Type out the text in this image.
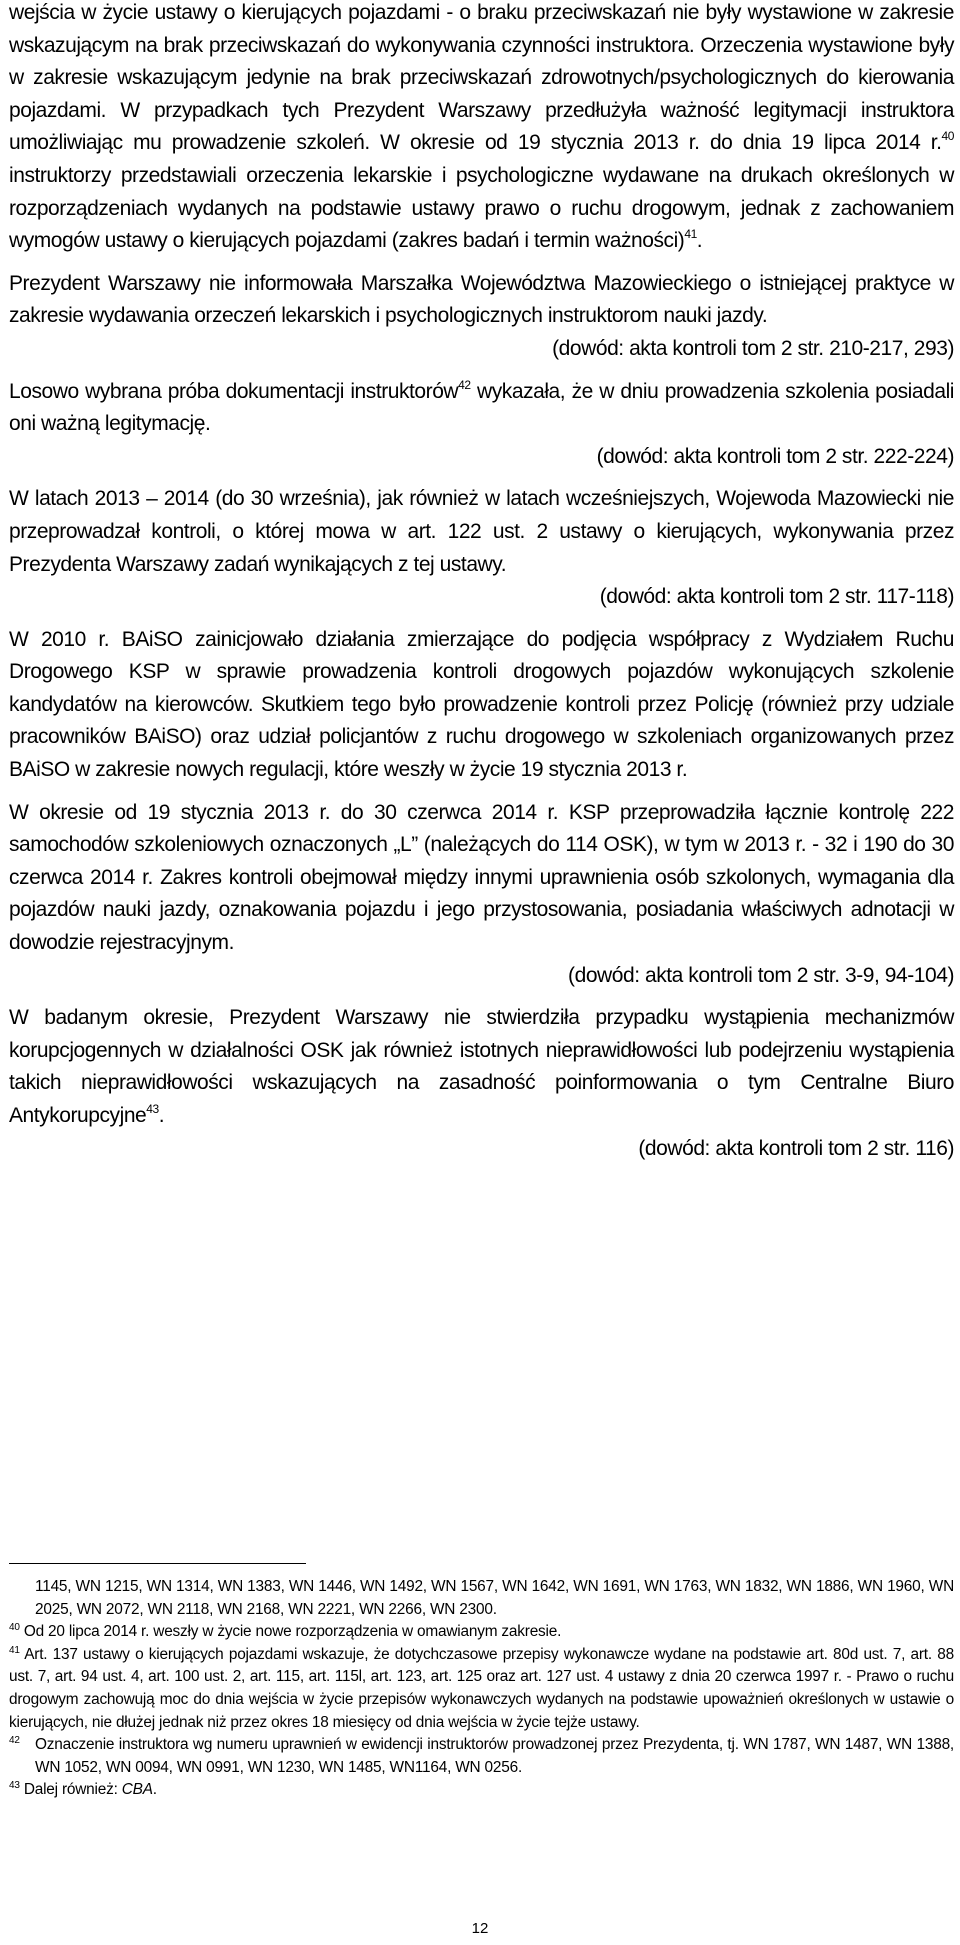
wejścia w życie ustawy o kierujących pojazdami - o braku przeciwskazań nie były wystawione w zakresie wskazującym na brak przeciwskazań do wykonywania czynności instruktora. Orzeczenia wystawione były w zakresie wskazującym jedynie na brak przeciwskazań zdrowotnych/psychologicznych do kierowania pojazdami. W przypadkach tych Prezydent Warszawy przedłużyła ważność legitymacji instruktora umożliwiając mu prowadzenie szkoleń. W okresie od 19 stycznia 2013 r. do dnia 19 lipca 2014 r.$^{40}$ instruktorzy przedstawiali orzeczenia lekarskie i psychologiczne wydawane na drukach określonych w rozporządzeniach wydanych na podstawie ustawy prawo o ruchu drogowym, jednak z zachowaniem wymogów ustawy o kierujących pojazdami (zakres badań i termin ważności)$^{41}$.

Prezydent Warszawy nie informowała Marszałka Województwa Mazowieckiego o istniejącej praktyce w zakresie wydawania orzeczeń lekarskich i psychologicznych instruktorom nauki jazdy.

(dowód: akta kontroli tom 2 str. 210-217, 293)

Losowo wybrana próba dokumentacji instruktorów$^{42}$ wykazała, że w dniu prowadzenia szkolenia posiadali oni ważną legitymację.

(dowód: akta kontroli tom 2 str. 222-224)

W latach 2013 – 2014 (do 30 września), jak również w latach wcześniejszych, Wojewoda Mazowiecki nie przeprowadzał kontroli, o której mowa w art. 122 ust. 2 ustawy o kierujących, wykonywania przez Prezydenta Warszawy zadań wynikających z tej ustawy.

(dowód: akta kontroli tom 2 str. 117-118)

W 2010 r. BAiSO zainicjowało działania zmierzające do podjęcia współpracy z Wydziałem Ruchu Drogowego KSP w sprawie prowadzenia kontroli drogowych pojazdów wykonujących szkolenie kandydatów na kierowców. Skutkiem tego było prowadzenie kontroli przez Policję (również przy udziale pracowników BAiSO) oraz udział policjantów z ruchu drogowego w szkoleniach organizowanych przez BAiSO w zakresie nowych regulacji, które weszły w życie 19 stycznia 2013 r.

W okresie od 19 stycznia 2013 r. do 30 czerwca 2014 r. KSP przeprowadziła łącznie kontrolę 222 samochodów szkoleniowych oznaczonych „L” (należących do 114 OSK), w tym w 2013 r. - 32 i 190 do 30 czerwca 2014 r. Zakres kontroli obejmował między innymi uprawnienia osób szkolonych, wymagania dla pojazdów nauki jazdy, oznakowania pojazdu i jego przystosowania, posiadania właściwych adnotacji w dowodzie rejestracyjnym.

(dowód: akta kontroli tom 2 str. 3-9, 94-104)

W badanym okresie, Prezydent Warszawy nie stwierdziła przypadku wystąpienia mechanizmów korupcjogennych w działalności OSK jak również istotnych nieprawidłowości lub podejrzeniu wystąpienia takich nieprawidłowości wskazujących na zasadność poinformowania o tym Centralne Biuro Antykorupcyjne$^{43}$.

(dowód: akta kontroli tom 2 str. 116)

1145, WN 1215, WN 1314, WN 1383, WN 1446, WN 1492, WN 1567, WN 1642, WN 1691, WN 1763, WN 1832, WN 1886, WN 1960, WN 2025, WN 2072, WN 2118, WN 2168, WN 2221, WN 2266, WN 2300.

$^{40}$ Od 20 lipca 2014 r. weszły w życie nowe rozporządzenia w omawianym zakresie.

$^{41}$ Art. 137 ustawy o kierujących pojazdami wskazuje, że dotychczasowe przepisy wykonawcze wydane na podstawie art. 80d ust. 7, art. 88 ust. 7, art. 94 ust. 4, art. 100 ust. 2, art. 115, art. 115l, art. 123, art. 125 oraz art. 127 ust. 4 ustawy z dnia 20 czerwca 1997 r. - Prawo o ruchu drogowym zachowują moc do dnia wejścia w życie przepisów wykonawczych wydanych na podstawie upoważnień określonych w ustawie o kierujących, nie dłużej jednak niż przez okres 18 miesięcy od dnia wejścia w życie tejże ustawy.

$^{42}$ Oznaczenie instruktora wg numeru uprawnień w ewidencji instruktorów prowadzonej przez Prezydenta, tj. WN 1787, WN 1487, WN 1388, WN 1052, WN 0094, WN 0991, WN 1230, WN 1485, WN1164, WN 0256.

$^{43}$ Dalej również: CBA.

12
